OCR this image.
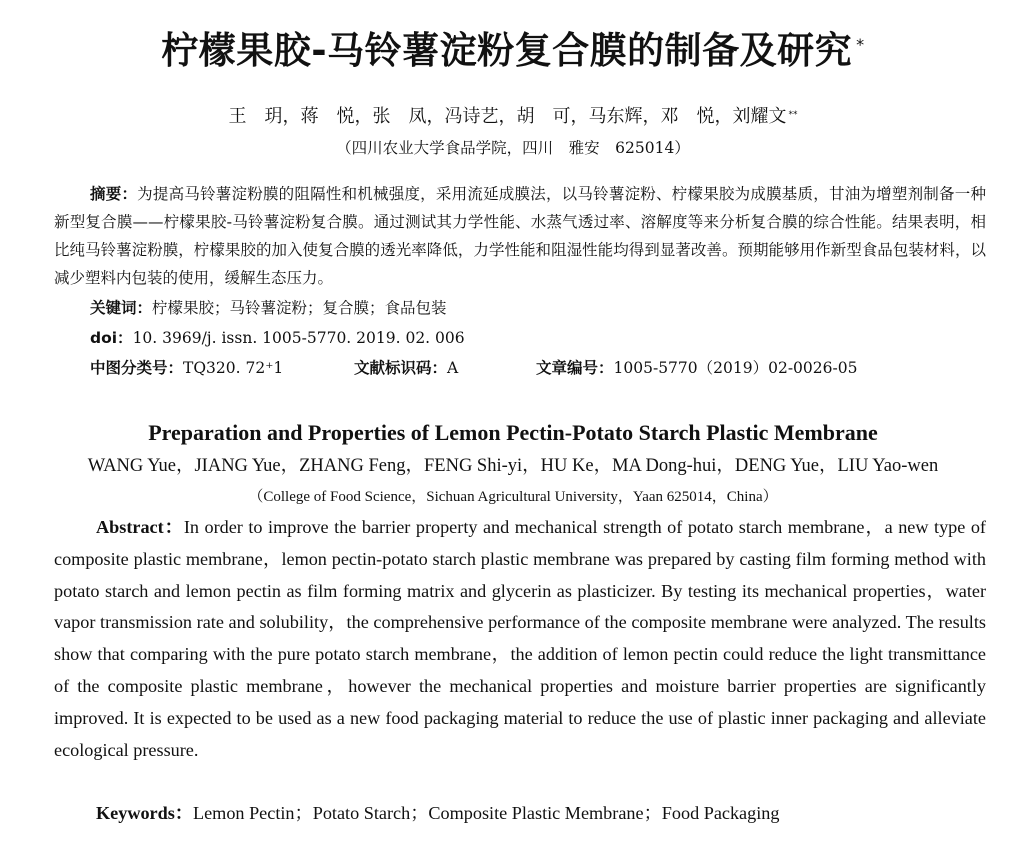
柠檬果胶-马铃薯淀粉复合膜的制备及研究 *
王　玥，蒋　悦，张　凤，冯诗艺，胡　可，马东辉，邓　悦，刘耀文 **
（四川农业大学食品学院，四川　雅安　625014）

摘要：为提高马铃薯淀粉膜的阻隔性和机械强度，采用流延成膜法，以马铃薯淀粉、柠檬果胶为成膜基质，甘油为增塑剂制备一种新型复合膜——柠檬果胶-马铃薯淀粉复合膜。通过测试其力学性能、水蒸气透过率、溶解度等来分析复合膜的综合性能。结果表明，相比纯马铃薯淀粉膜，柠檬果胶的加入使复合膜的透光率降低，力学性能和阻湿性能均得到显著改善。预期能够用作新型食品包装材料，以减少塑料内包装的使用，缓解生态压力。

关键词：柠檬果胶；马铃薯淀粉；复合膜；食品包装
doi：10. 3969/j. issn. 1005-5770. 2019. 02. 006
中图分类号：TQ320. 72⁺1	文献标识码：A	文章编号：1005-5770（2019）02-0026-05
Preparation and Properties of Lemon Pectin-Potato Starch Plastic Membrane
WANG Yue，JIANG Yue，ZHANG Feng，FENG Shi-yi，HU Ke，MA Dong-hui，DENG Yue，LIU Yao-wen
（College of Food Science，Sichuan Agricultural University，Yaan 625014，China）

Abstract：In order to improve the barrier property and mechanical strength of potato starch membrane，a new type of composite plastic membrane，lemon pectin-potato starch plastic membrane was prepared by casting film forming method with potato starch and lemon pectin as film forming matrix and glycerin as plasticizer. By testing its mechanical properties，water vapor transmission rate and solubility，the comprehensive performance of the composite membrane were analyzed. The results show that comparing with the pure potato starch membrane，the addition of lemon pectin could reduce the light transmittance of the composite plastic membrane，however the mechanical properties and moisture barrier properties are significantly improved. It is expected to be used as a new food packaging material to reduce the use of plastic inner packaging and alleviate ecological pressure.

Keywords：Lemon Pectin；Potato Starch；Composite Plastic Membrane；Food Packaging
